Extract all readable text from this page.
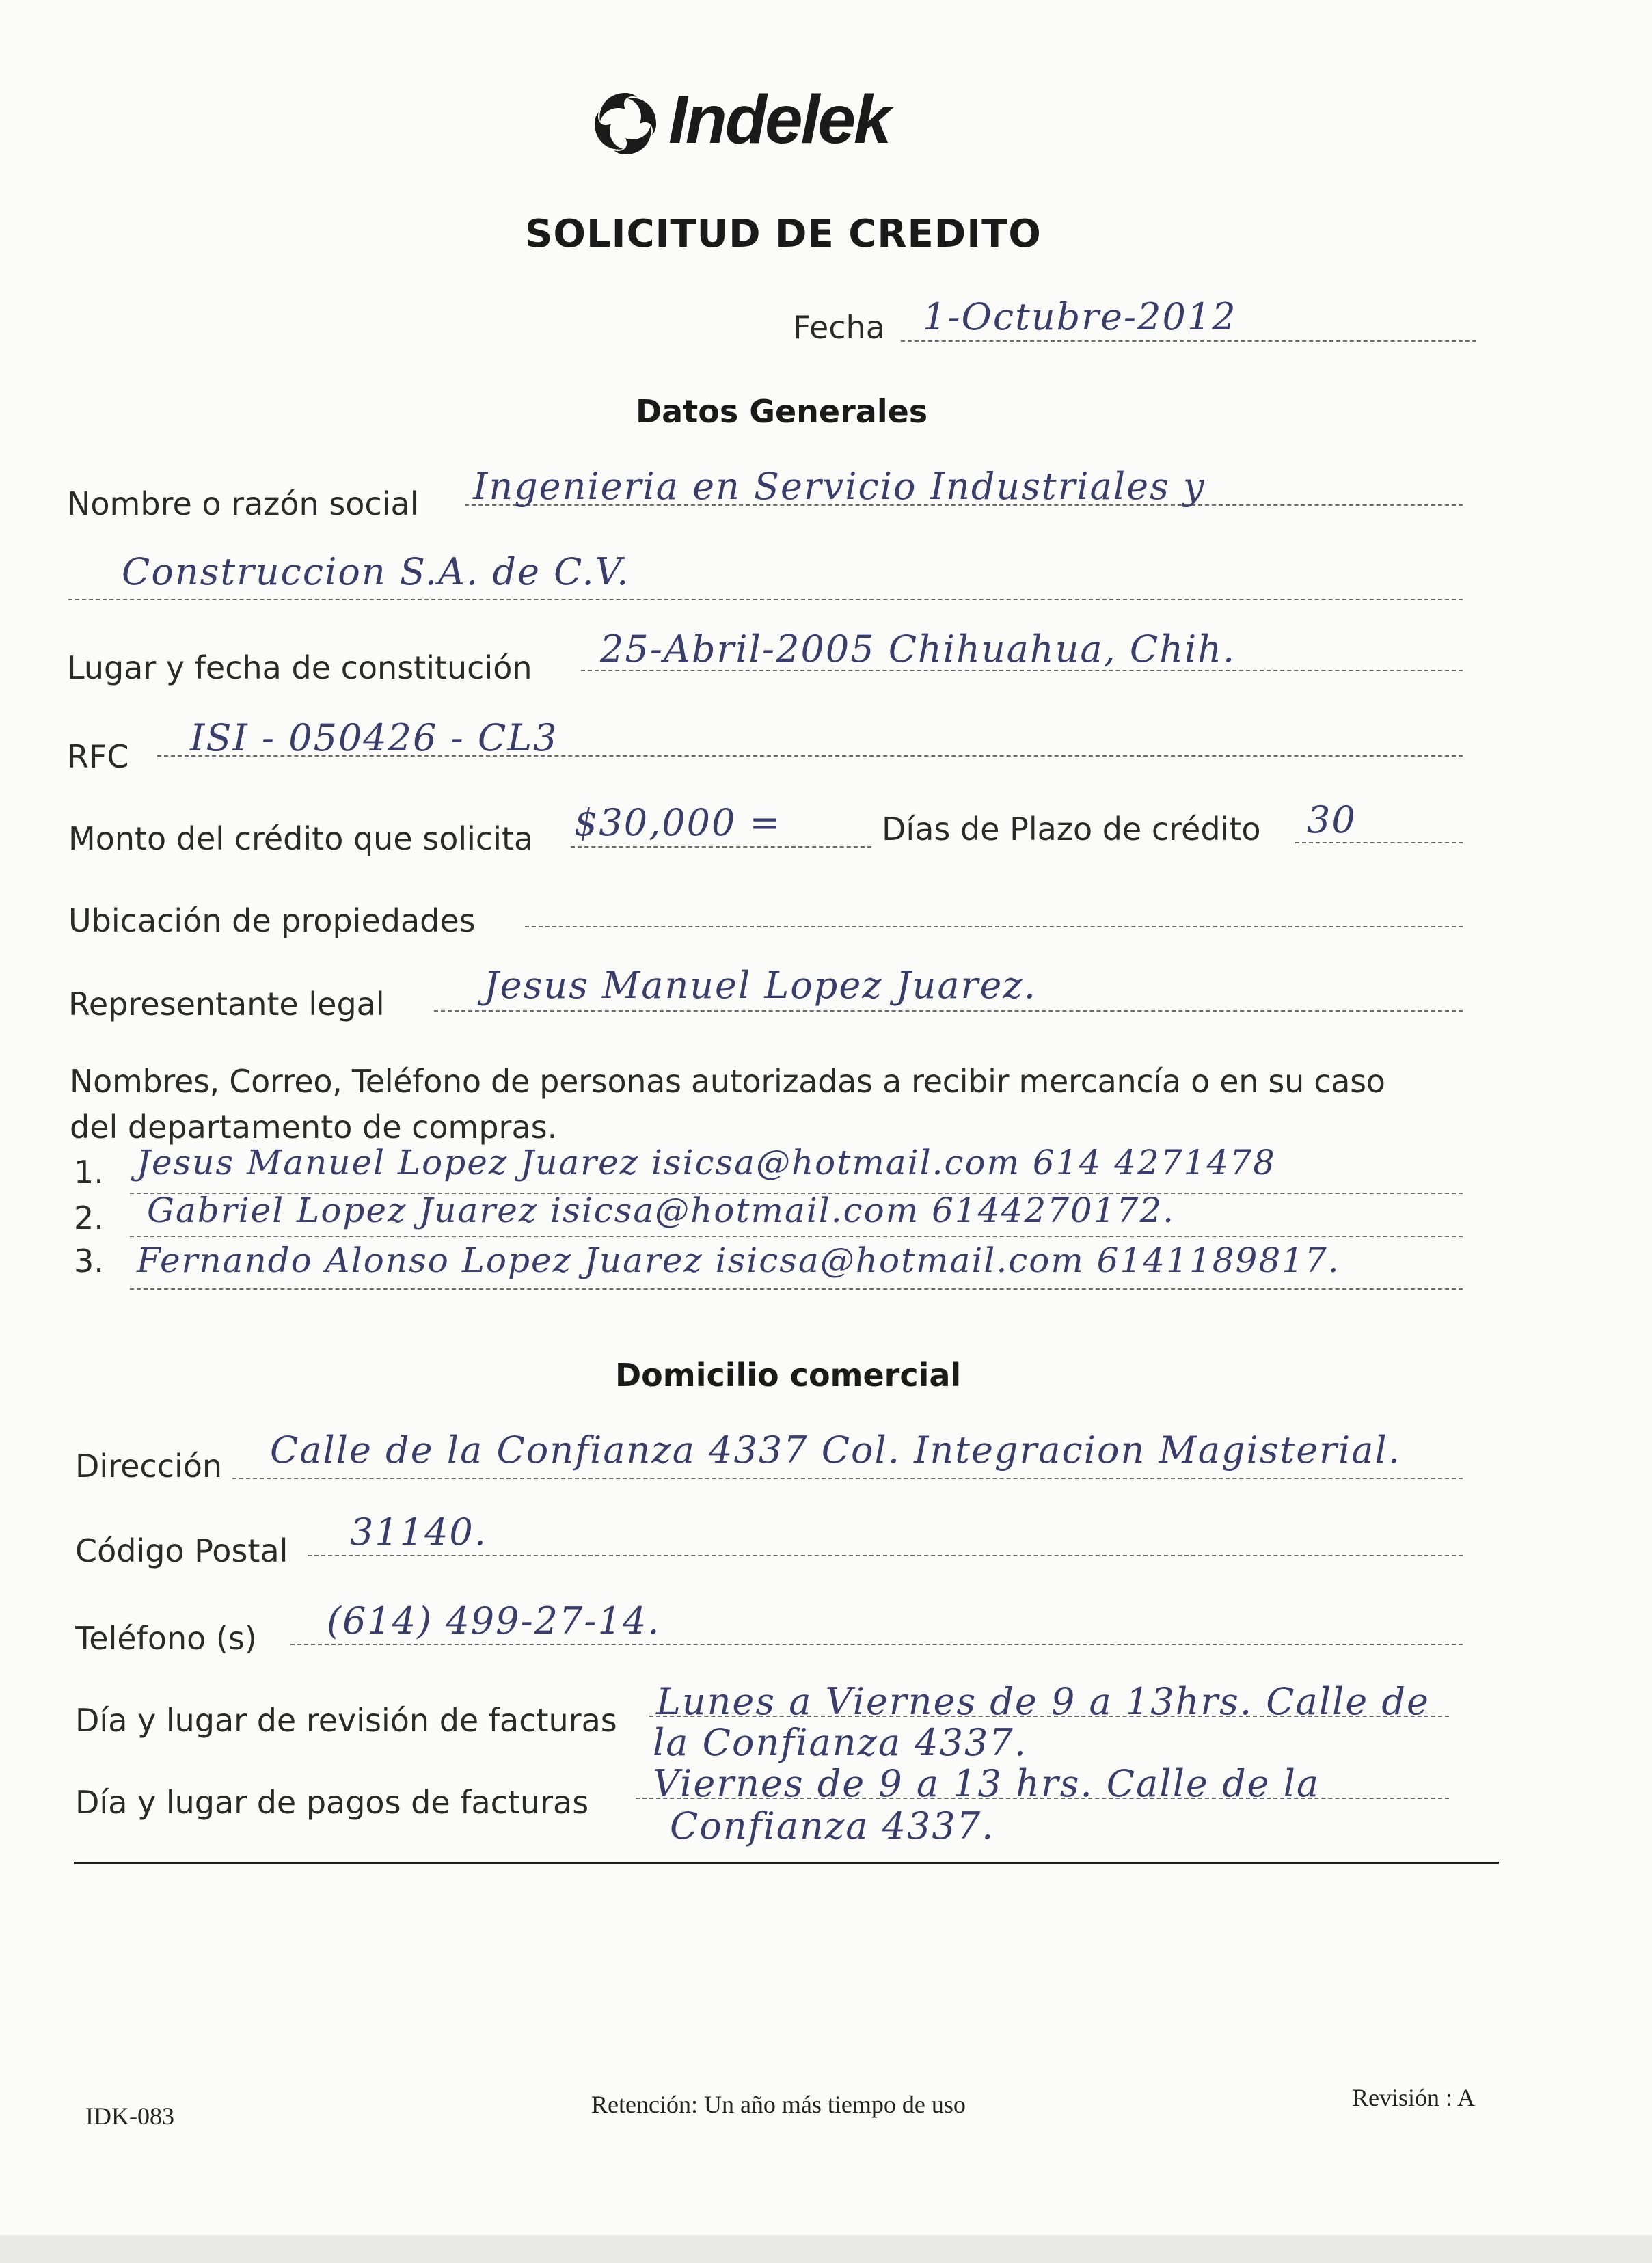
Indelek
SOLICITUD DE CREDITO
Fecha 1-Octubre-2012
Datos Generales
Nombre o razón social Ingenieria en Servicio Industriales y
Construccion S.A. de C.V.
Lugar y fecha de constitución 25-Abril-2005 Chihuahua, Chih.
RFC ISI - 050426 - CL3
Monto del crédito que solicita $30,000 =	Días de Plazo de crédito 30
Ubicación de propiedades
Representante legal	Jesus Manuel Lopez Juarez.
Nombres, Correo, Teléfono de personas autorizadas a recibir mercancía o en su caso
del departamento de compras.
1. Jesus Manuel Lopez Juarez isicsa@hotmail.com 614 4271478
2. Gabriel Lopez Juarez isicsa@hotmail.com 6144270172.
3. Fernando Alonso Lopez Juarez isicsa@hotmail.com 6141189817.
Domicilio comercial
Dirección Calle de la Confianza 4337 Col. Integracion Magisterial.
Código Postal 31140.
Teléfono (s) (614) 499-27-14.
Día y lugar de revisión de facturas Lunes a Viernes de 9 a 13hrs. Calle de
la Confianza 4337.
Día y lugar de pagos de facturas Viernes de 9 a 13 hrs. Calle de la
Confianza 4337.
IDK-083	Retención: Un año más tiempo de uso	Revisión : A
